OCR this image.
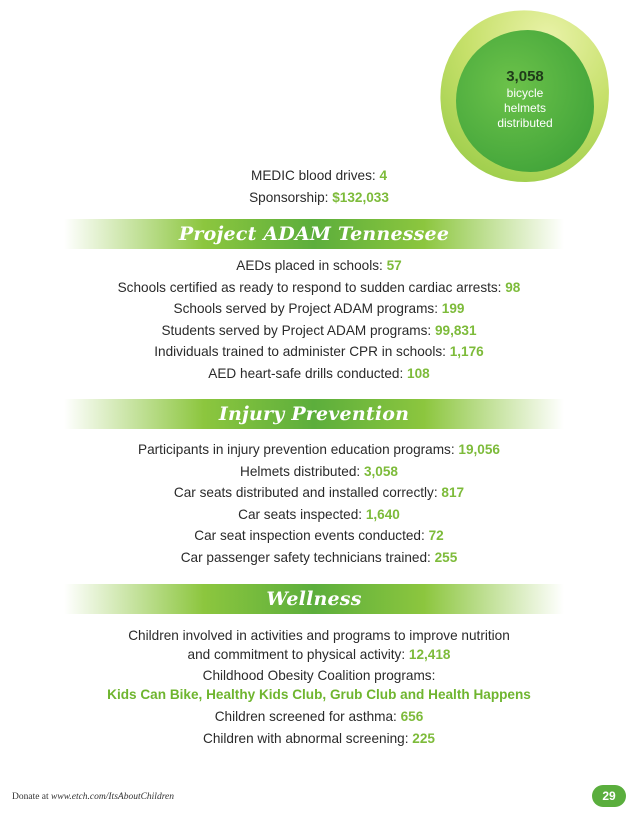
3,058
bicycle
helmets
distributed
MEDIC blood drives: 4
Sponsorship: $132,033
Project ADAM Tennessee
AEDs placed in schools: 57
Schools certified as ready to respond to sudden cardiac arrests: 98
Schools served by Project ADAM programs: 199
Students served by Project ADAM programs: 99,831
Individuals trained to administer CPR in schools: 1,176
AED heart-safe drills conducted: 108
Injury Prevention
Participants in injury prevention education programs: 19,056
Helmets distributed: 3,058
Car seats distributed and installed correctly: 817
Car seats inspected: 1,640
Car seat inspection events conducted: 72
Car passenger safety technicians trained: 255
Wellness
Children involved in activities and programs to improve nutrition
and commitment to physical activity: 12,418
Childhood Obesity Coalition programs:
Kids Can Bike, Healthy Kids Club, Grub Club and Health Happens
Children screened for asthma: 656
Children with abnormal screening: 225
Donate at www.etch.com/ItsAboutChildren	29
